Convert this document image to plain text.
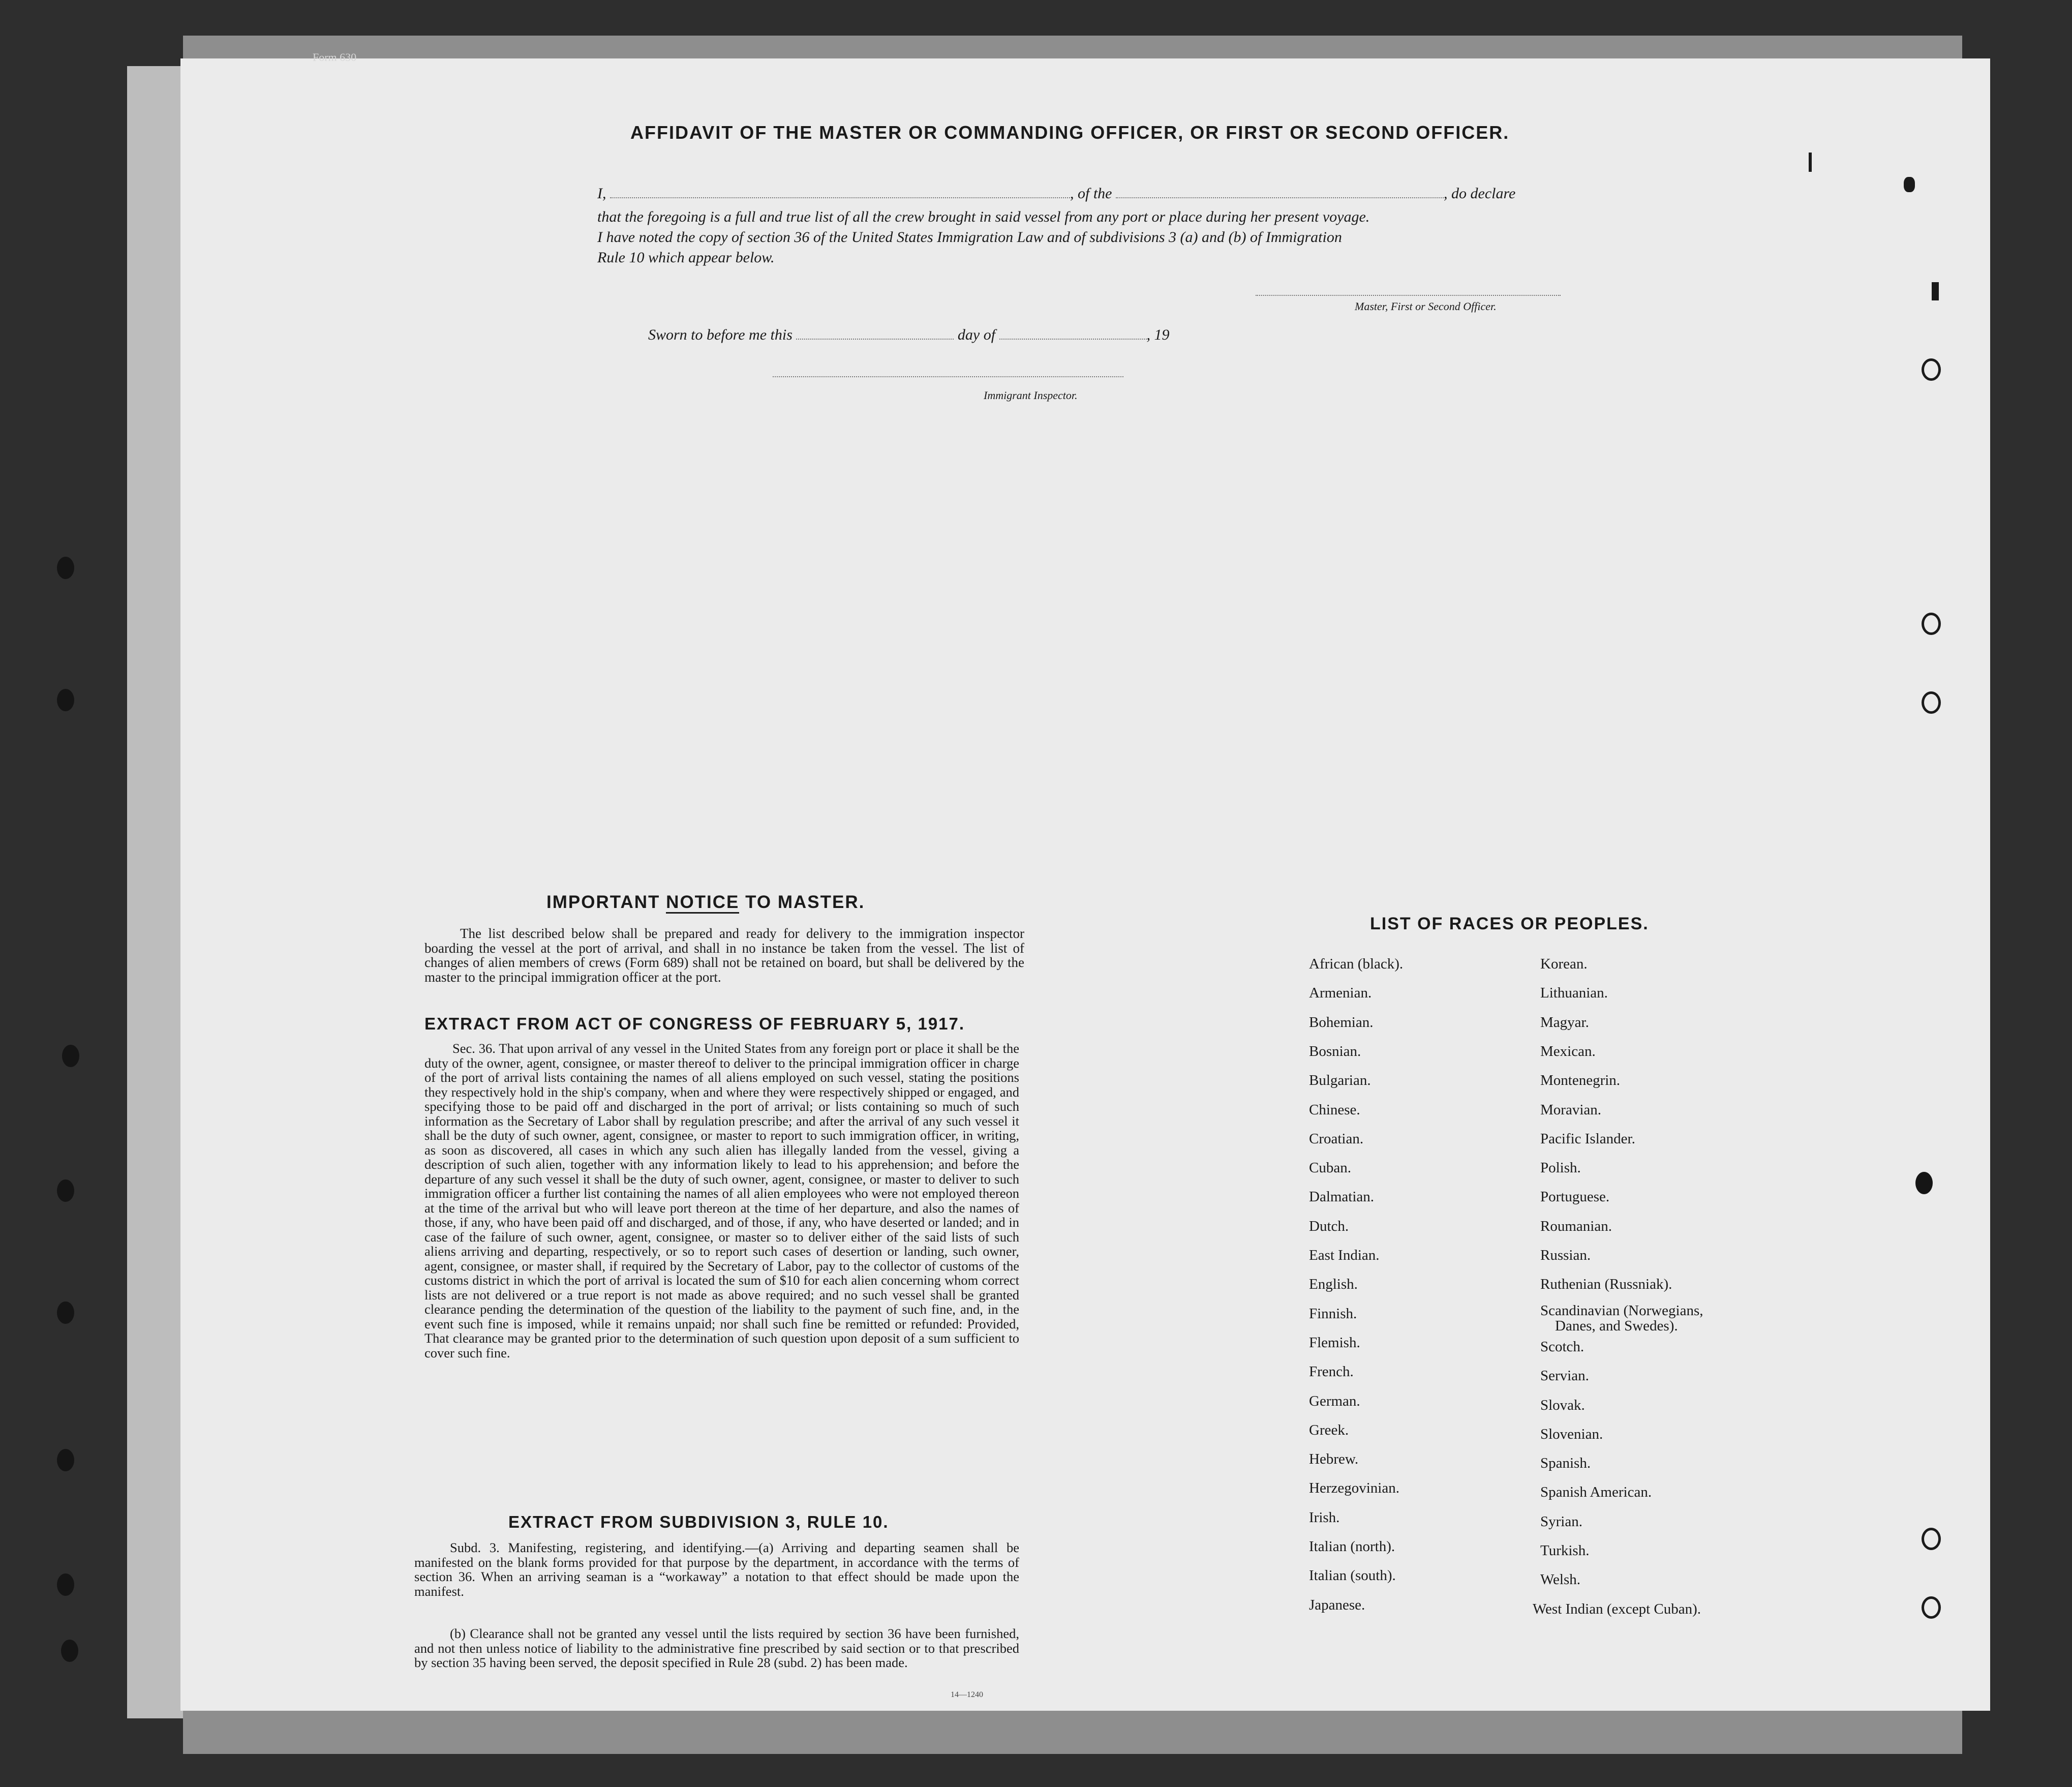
Form 630
AFFIDAVIT OF THE MASTER OR COMMANDING OFFICER, OR FIRST OR SECOND OFFICER.
I,	, of the	, do declare
that the foregoing is a full and true list of all the crew brought in said vessel from any port or place during her present voyage.
I have noted the copy of section 36 of the United States Immigration Law and of subdivisions 3 (a) and (b) of Immigration
Rule 10 which appear below.
Master, First or Second Officer.
Sworn to before me this	day of	, 19
Immigrant Inspector.
IMPORTANT NOTICE TO MASTER.
The list described below shall be prepared and ready for delivery to the immigration inspector boarding the vessel at the port of arrival, and shall in no instance be taken from the vessel. The list of changes of alien members of crews (Form 689) shall not be retained on board, but shall be delivered by the master to the principal immigration officer at the port.
EXTRACT FROM ACT OF CONGRESS OF FEBRUARY 5, 1917.
Sec. 36. That upon arrival of any vessel in the United States from any foreign port or place it shall be the duty of the owner, agent, consignee, or master thereof to deliver to the principal immigration officer in charge of the port of arrival lists containing the names of all aliens employed on such vessel, stating the positions they respectively hold in the ship's company, when and where they were respectively shipped or engaged, and specifying those to be paid off and discharged in the port of arrival; or lists containing so much of such information as the Secretary of Labor shall by regulation prescribe; and after the arrival of any such vessel it shall be the duty of such owner, agent, consignee, or master to report to such immigration officer, in writing, as soon as discovered, all cases in which any such alien has illegally landed from the vessel, giving a description of such alien, together with any information likely to lead to his apprehension; and before the departure of any such vessel it shall be the duty of such owner, agent, consignee, or master to deliver to such immigration officer a further list containing the names of all alien employees who were not employed thereon at the time of the arrival but who will leave port thereon at the time of her departure, and also the names of those, if any, who have been paid off and discharged, and of those, if any, who have deserted or landed; and in case of the failure of such owner, agent, consignee, or master so to deliver either of the said lists of such aliens arriving and departing, respectively, or so to report such cases of desertion or landing, such owner, agent, consignee, or master shall, if required by the Secretary of Labor, pay to the collector of customs of the customs district in which the port of arrival is located the sum of $10 for each alien concerning whom correct lists are not delivered or a true report is not made as above required; and no such vessel shall be granted clearance pending the determination of the question of the liability to the payment of such fine, and, in the event such fine is imposed, while it remains unpaid; nor shall such fine be remitted or refunded: Provided, That clearance may be granted prior to the determination of such question upon deposit of a sum sufficient to cover such fine.
EXTRACT FROM SUBDIVISION 3, RULE 10.
Subd. 3. Manifesting, registering, and identifying.—(a) Arriving and departing seamen shall be manifested on the blank forms provided for that purpose by the department, in accordance with the terms of section 36. When an arriving seaman is a “workaway” a notation to that effect should be made upon the manifest.
(b) Clearance shall not be granted any vessel until the lists required by section 36 have been furnished, and not then unless notice of liability to the administrative fine prescribed by said section or to that prescribed by section 35 having been served, the deposit specified in Rule 28 (subd. 2) has been made.
14—1240
LIST OF RACES OR PEOPLES.
African (black).
Armenian.
Bohemian.
Bosnian.
Bulgarian.
Chinese.
Croatian.
Cuban.
Dalmatian.
Dutch.
East Indian.
English.
Finnish.
Flemish.
French.
German.
Greek.
Hebrew.
Herzegovinian.
Irish.
Italian (north).
Italian (south).
Japanese.
Korean.
Lithuanian.
Magyar.
Mexican.
Montenegrin.
Moravian.
Pacific Islander.
Polish.
Portuguese.
Roumanian.
Russian.
Ruthenian (Russniak).
Scandinavian (Norwegians,
Danes, and Swedes).
Scotch.
Servian.
Slovak.
Slovenian.
Spanish.
Spanish American.
Syrian.
Turkish.
Welsh.
West Indian (except Cuban).
